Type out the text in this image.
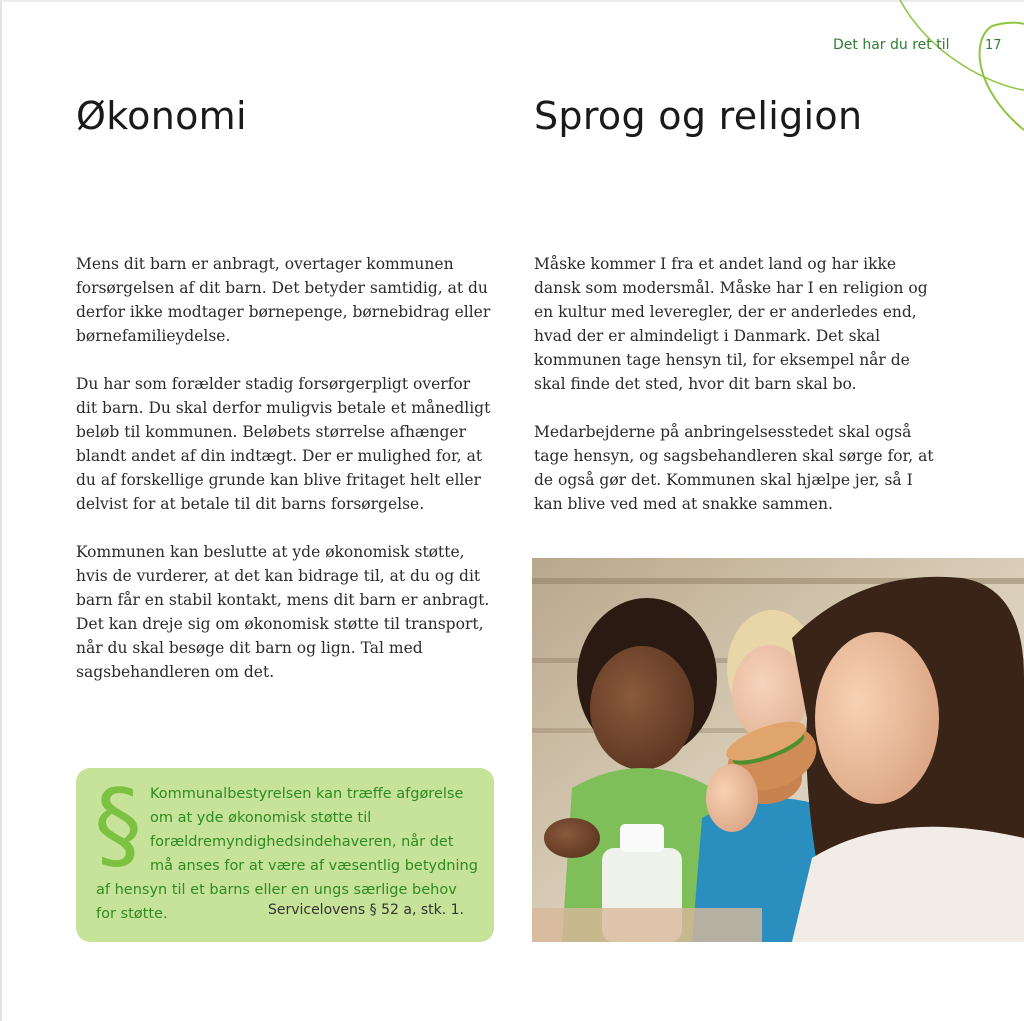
Det har du ret til	17
Økonomi	Sprog og religion

Mens dit barn er anbragt, overtager kommunen forsørgelsen af dit barn. Det betyder samtidig, at du derfor ikke modtager børnepenge, børnebidrag eller børnefamilieydelse.

Du har som forælder stadig forsørgerpligt overfor dit barn. Du skal derfor muligvis betale et månedligt beløb til kommunen. Beløbets størrelse afhænger blandt andet af din indtægt. Der er mulighed for, at du af forskellige grunde kan blive fritaget helt eller delvist for at betale til dit barns forsørgelse.

Kommunen kan beslutte at yde økonomisk støtte, hvis de vurderer, at det kan bidrage til, at du og dit barn får en stabil kontakt, mens dit barn er anbragt. Det kan dreje sig om økonomisk støtte til transport, når du skal besøge dit barn og lign. Tal med sagsbehandleren om det.

Måske kommer I fra et andet land og har ikke dansk som modersmål. Måske har I en religion og en kultur med leveregler, der er anderledes end, hvad der er almindeligt i Danmark. Det skal kommunen tage hensyn til, for eksempel når de skal finde det sted, hvor dit barn skal bo.

Medarbejderne på anbringelsesstedet skal også tage hensyn, og sagsbehandleren skal sørge for, at de også gør det. Kommunen skal hjælpe jer, så I kan blive ved med at snakke sammen.

§ Kommunalbestyrelsen kan træffe afgørelse om at yde økonomisk støtte til forældremyndighedsindehaveren, når det må anses for at være af væsentlig betydning af hensyn til et barns eller en ungs særlige behov for støtte.	Servicelovens § 52 a, stk. 1.
